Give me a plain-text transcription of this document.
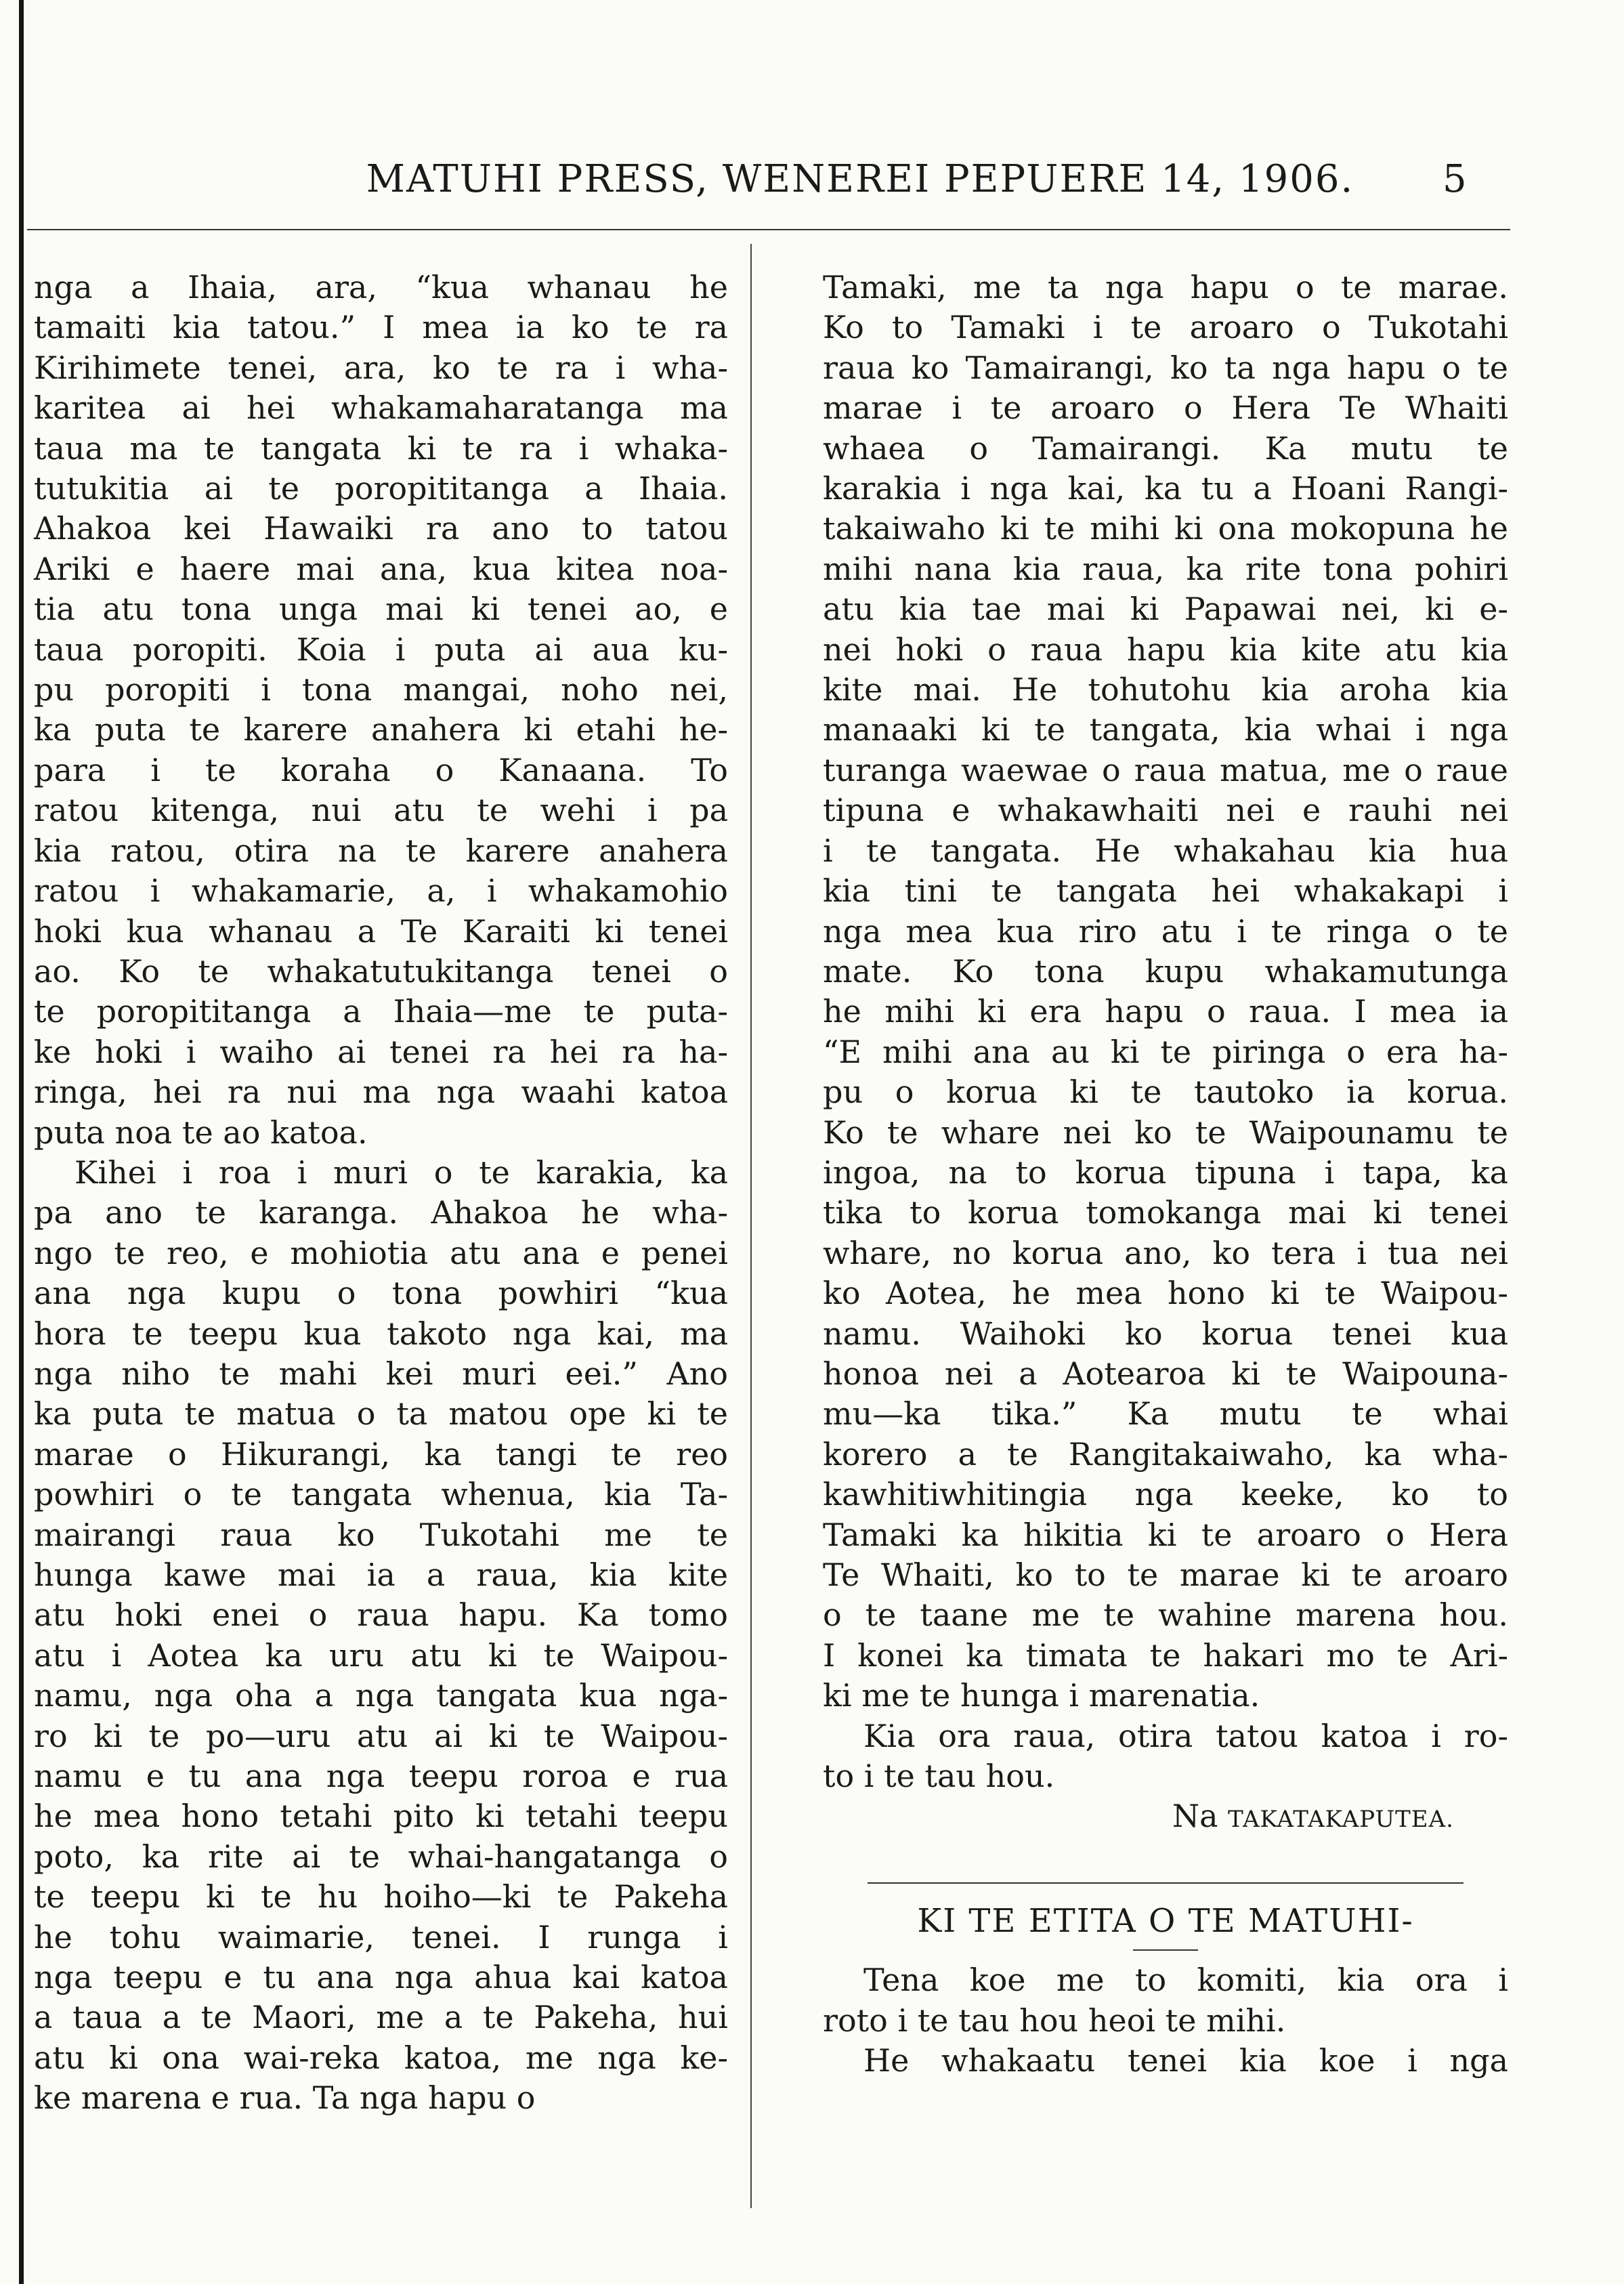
MATUHI PRESS, WENEREI PEPUERE 14, 1906.	5
nga a Ihaia, ara, “kua whanau he
tamaiti kia tatou.” I mea ia ko te ra
Kirihimete tenei, ara, ko te ra i wha-
karitea ai hei whakamaharatanga ma
taua ma te tangata ki te ra i whaka-
tutukitia ai te poropititanga a Ihaia.
Ahakoa kei Hawaiki ra ano to tatou
Ariki e haere mai ana, kua kitea noa-
tia atu tona unga mai ki tenei ao, e
taua poropiti. Koia i puta ai aua ku-
pu poropiti i tona mangai, noho nei,
ka puta te karere anahera ki etahi he-
para i te koraha o Kanaana. To
ratou kitenga, nui atu te wehi i pa
kia ratou, otira na te karere anahera
ratou i whakamarie, a, i whakamohio
hoki kua whanau a Te Karaiti ki tenei
ao. Ko te whakatutukitanga tenei o
te poropititanga a Ihaia—me te puta-
ke hoki i waiho ai tenei ra hei ra ha-
ringa, hei ra nui ma nga waahi katoa
puta noa te ao katoa.
Kihei i roa i muri o te karakia, ka
pa ano te karanga. Ahakoa he wha-
ngo te reo, e mohiotia atu ana e penei
ana nga kupu o tona powhiri “kua
hora te teepu kua takoto nga kai, ma
nga niho te mahi kei muri eei.” Ano
ka puta te matua o ta matou ope ki te
marae o Hikurangi, ka tangi te reo
powhiri o te tangata whenua, kia Ta-
mairangi raua ko Tukotahi me te
hunga kawe mai ia a raua, kia kite
atu hoki enei o raua hapu. Ka tomo
atu i Aotea ka uru atu ki te Waipou-
namu, nga oha a nga tangata kua nga-
ro ki te po—uru atu ai ki te Waipou-
namu e tu ana nga teepu roroa e rua
he mea hono tetahi pito ki tetahi teepu
poto, ka rite ai te whai-hangatanga o
te teepu ki te hu hoiho—ki te Pakeha
he tohu waimarie, tenei. I runga i
nga teepu e tu ana nga ahua kai katoa
a taua a te Maori, me a te Pakeha, hui
atu ki ona wai-reka katoa, me nga ke-
ke marena e rua. Ta nga hapu o
Tamaki, me ta nga hapu o te marae.
Ko to Tamaki i te aroaro o Tukotahi
raua ko Tamairangi, ko ta nga hapu o te
marae i te aroaro o Hera Te Whaiti
whaea o Tamairangi. Ka mutu te
karakia i nga kai, ka tu a Hoani Rangi-
takaiwaho ki te mihi ki ona mokopuna he
mihi nana kia raua, ka rite tona pohiri
atu kia tae mai ki Papawai nei, ki e-
nei hoki o raua hapu kia kite atu kia
kite mai. He tohutohu kia aroha kia
manaaki ki te tangata, kia whai i nga
turanga waewae o raua matua, me o raue
tipuna e whakawhaiti nei e rauhi nei
i te tangata. He whakahau kia hua
kia tini te tangata hei whakakapi i
nga mea kua riro atu i te ringa o te
mate. Ko tona kupu whakamutunga
he mihi ki era hapu o raua. I mea ia
“E mihi ana au ki te piringa o era ha-
pu o korua ki te tautoko ia korua.
Ko te whare nei ko te Waipounamu te
ingoa, na to korua tipuna i tapa, ka
tika to korua tomokanga mai ki tenei
whare, no korua ano, ko tera i tua nei
ko Aotea, he mea hono ki te Waipou-
namu. Waihoki ko korua tenei kua
honoa nei a Aotearoa ki te Waipouna-
mu—ka tika.” Ka mutu te whai
korero a te Rangitakaiwaho, ka wha-
kawhitiwhitingia nga keeke, ko to
Tamaki ka hikitia ki te aroaro o Hera
Te Whaiti, ko to te marae ki te aroaro
o te taane me te wahine marena hou.
I konei ka timata te hakari mo te Ari-
ki me te hunga i marenatia.
Kia ora raua, otira tatou katoa i ro-
to i te tau hou.
Na TAKATAKAPUTEA.
KI TE ETITA O TE MATUHI-
Tena koe me to komiti, kia ora i
roto i te tau hou heoi te mihi.
He whakaatu tenei kia koe i nga
